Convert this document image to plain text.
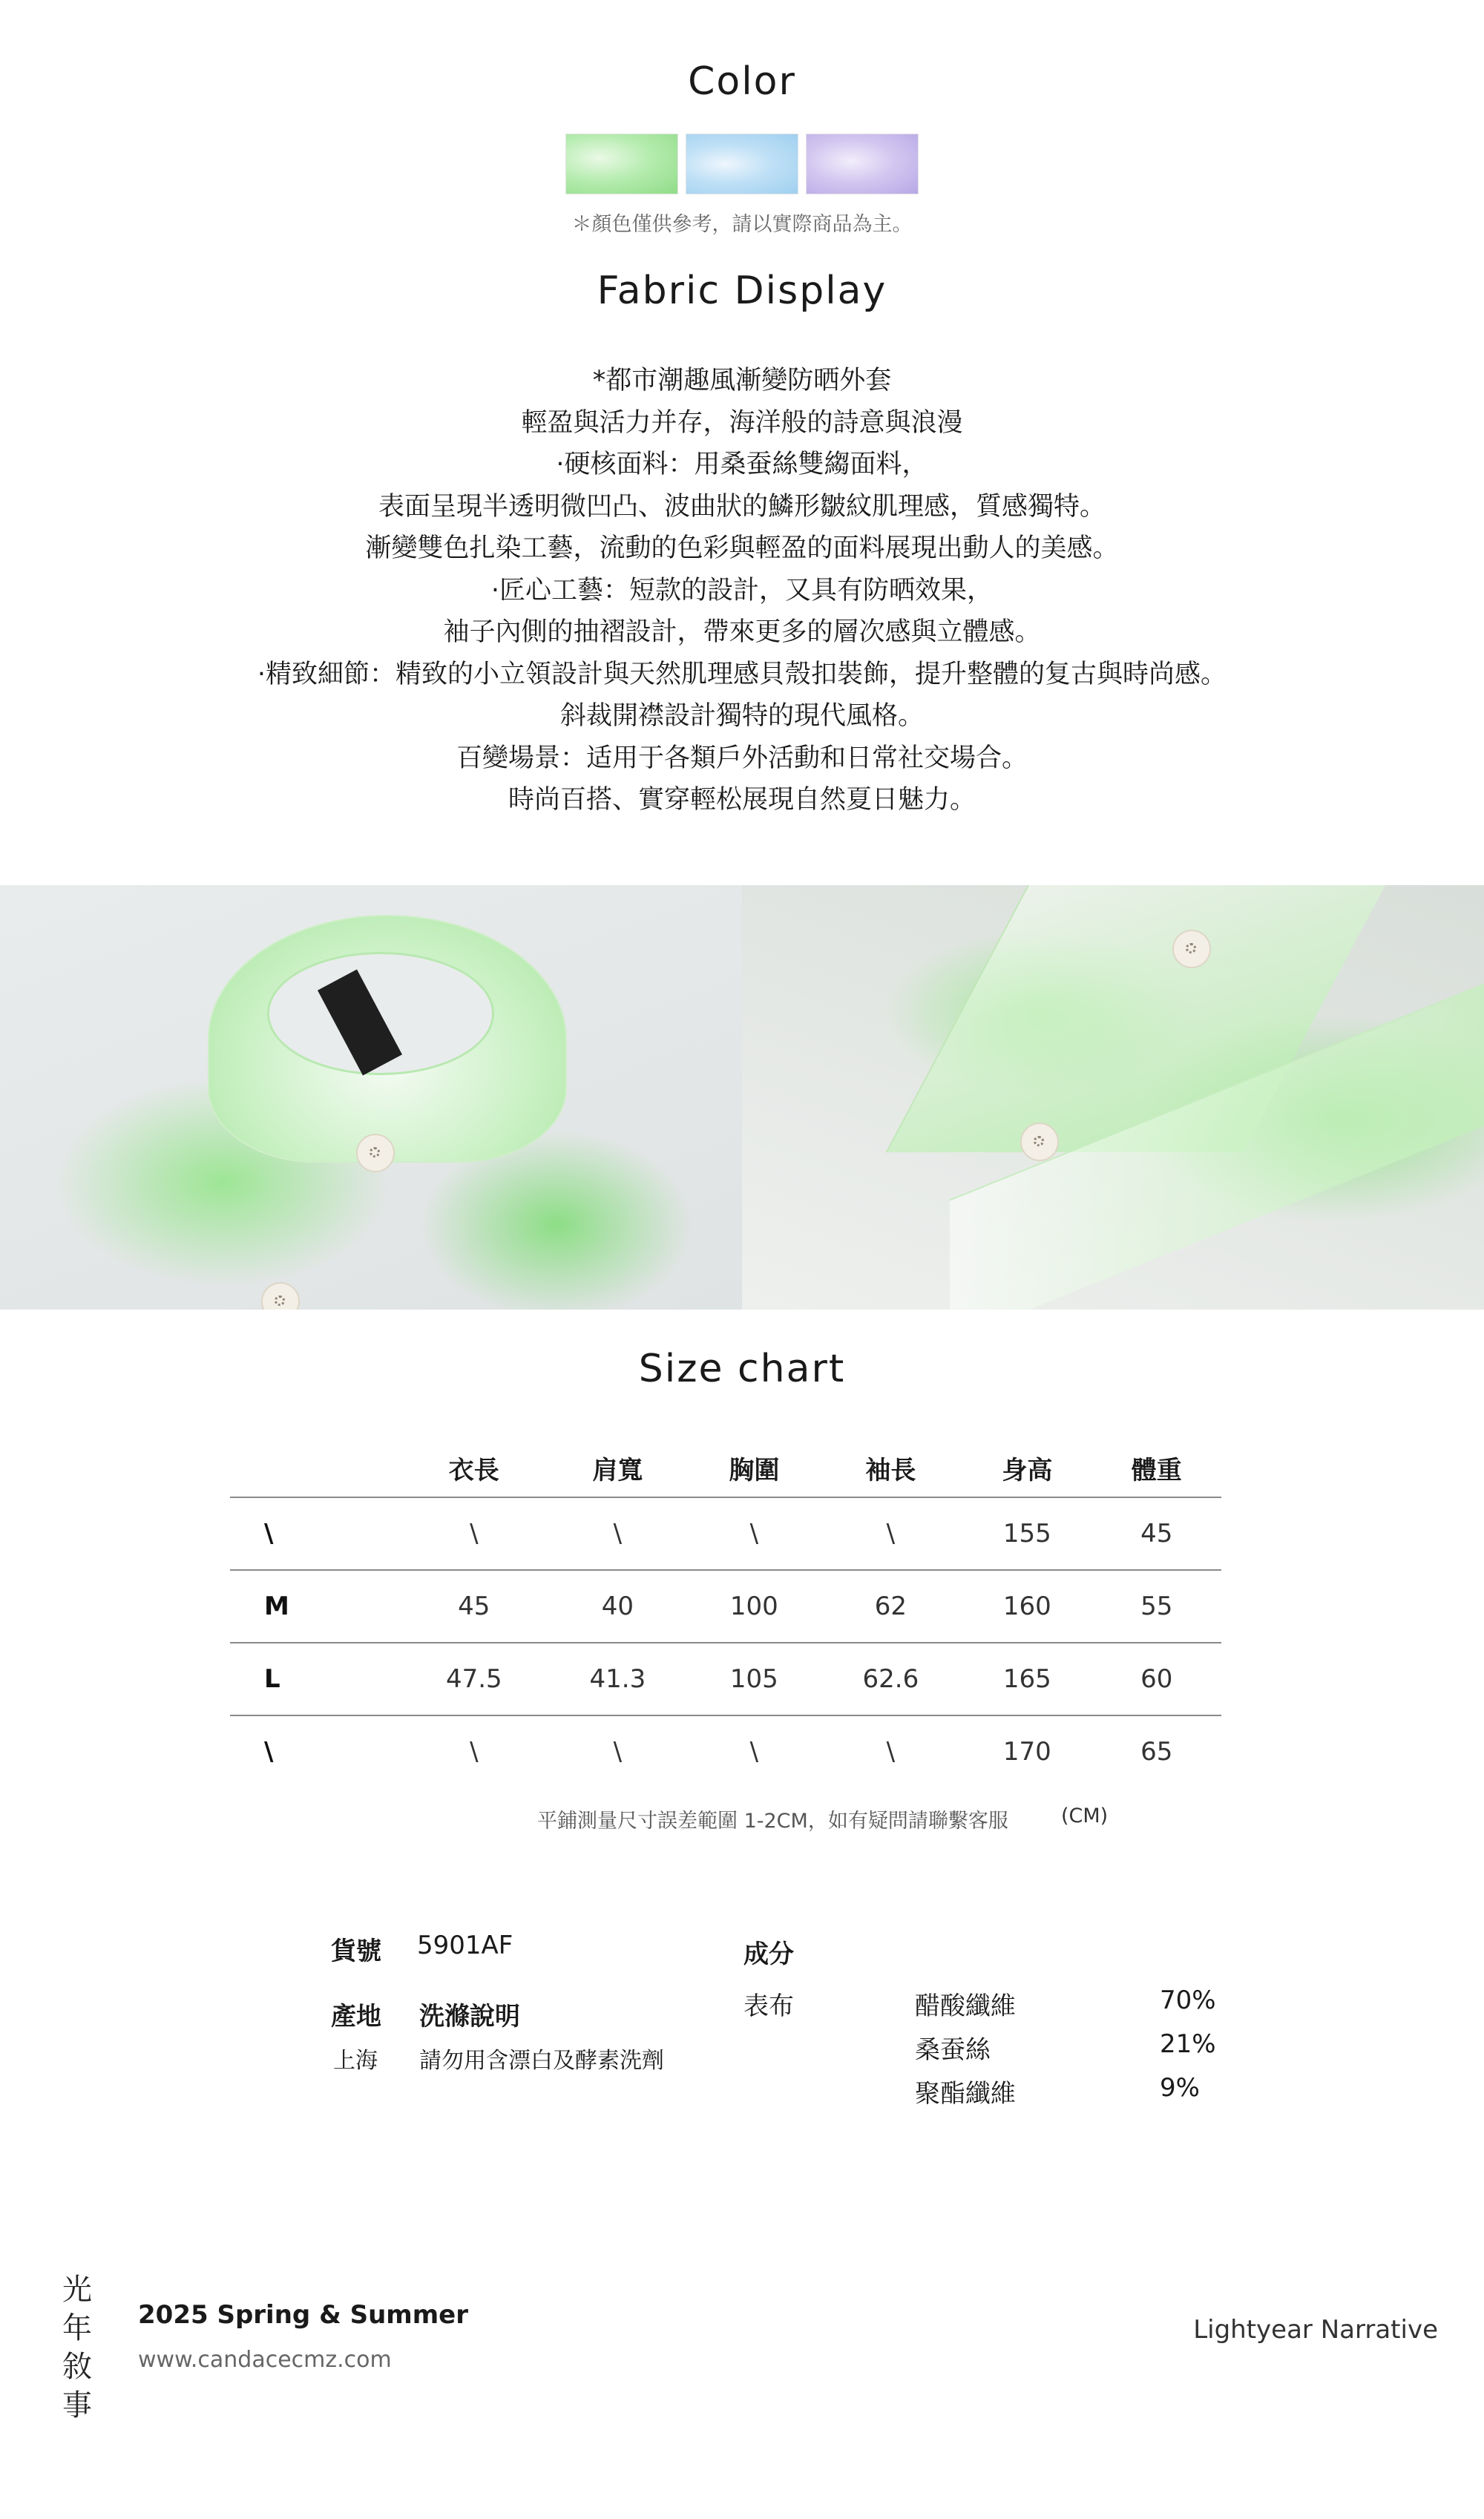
Color
＊顏色僅供參考，請以實際商品為主。
Fabric Display
*都市潮趣風漸變防晒外套
輕盈與活力并存，海洋般的詩意與浪漫
·硬核面料：用桑蚕絲雙縐面料，
表面呈現半透明微凹凸、波曲狀的鱗形皺紋肌理感，質感獨特。
漸變雙色扎染工藝，流動的色彩與輕盈的面料展現出動人的美感。
·匠心工藝：短款的設計，又具有防晒效果，
袖子內側的抽褶設計，帶來更多的層次感與立體感。
·精致細節：精致的小立領設計與天然肌理感貝殼扣裝飾，提升整體的复古與時尚感。
斜裁開襟設計獨特的現代風格。
百變場景：适用于各類戶外活動和日常社交場合。
時尚百搭、實穿輕松展現自然夏日魅力。
Size chart
	衣長	肩寬	胸圍	袖長	身高	體重
\	\	\	\	\	155	45
M	45	40	100	62	160	55
L	47.5	41.3	105	62.6	165	60
\	\	\	\	\	170	65
平鋪測量尺寸誤差範圍 1-2CM，如有疑問請聯繫客服	(CM)
貨號 5901AF
產地 洗滌說明
上海 請勿用含漂白及酵素洗劑
成分
表布	醋酸纖維	70%
桑蚕絲	21%
聚酯纖維	9%
光
年
敘
事
2025 Spring & Summer
www.candacecmz.com
Lightyear Narrative
